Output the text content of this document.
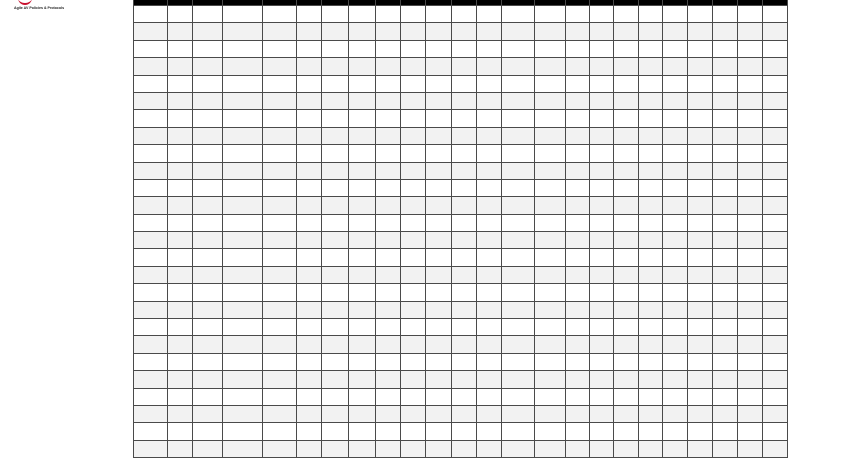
Agile AV Policies & Protocols
